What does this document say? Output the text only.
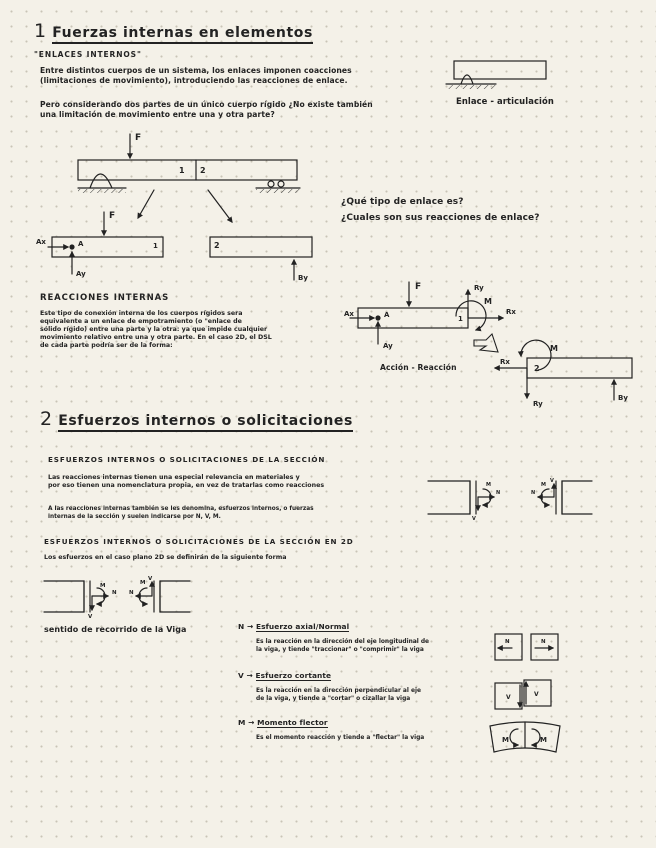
1 Fuerzas internas en elementos
"ENLACES INTERNOS"
Entre distintos cuerpos de un sistema, los enlaces imponen coacciones
(limitaciones de movimiento), introduciendo las reacciones de enlace.
Pero considerando dos partes de un único cuerpo rígido ¿No existe también
una limitación de movimiento entre una y otra parte?
Enlace - articulación
¿Qué tipo de enlace es?
¿Cuales son sus reacciones de enlace?
REACCIONES INTERNAS
Este tipo de conexión interna de los cuerpos rígidos sera
equivalente a un enlace de empotramiento (o "enlace de
sólido rígido) entre una parte y la otra: ya que impide cualquier
movimiento relativo entre una y otra parte. En el caso 2D, el DSL
de cada parte podría ser de la forma:
Acción - Reacción
2 Esfuerzos internos o solicitaciones
ESFUERZOS INTERNOS O SOLICITACIONES DE LA SECCIÓN
Las reacciones internas tienen una especial relevancia en materiales y
por eso tienen una nomenclatura propia, en vez de tratarlas como reacciones
A las reacciones internas también se les denomina, esfuerzos internos, o fuerzas
internas de la sección y suelen indicarse por N, V, M.
ESFUERZOS INTERNOS O SOLICITACIONES DE LA SECCIÓN EN 2D
Los esfuerzos en el caso plano 2D se definirán de la siguiente forma
sentido de recorrido de la Viga	N → Esfuerzo axial/Normal
Es la reacción en la dirección del eje longitudinal de
la viga, y tiende "traccionar" o "comprimir" la viga
V → Esfuerzo cortante
Es la reacción en la dirección perpendicular al eje
de la viga, y tiende a "cortar" o cizallar la viga
M → Momento flector
Es el momento reacción y tiende a "flectar" la viga
F
1 2
F
Ax	A	1
Ay
2
By
F
Ax	A	1
Ay
Ry
M
Rx
Rx
2
M
Ry
By
N
V
M
N
V
M
N
V
M
N
V
M
N	N
V	V
M	M
